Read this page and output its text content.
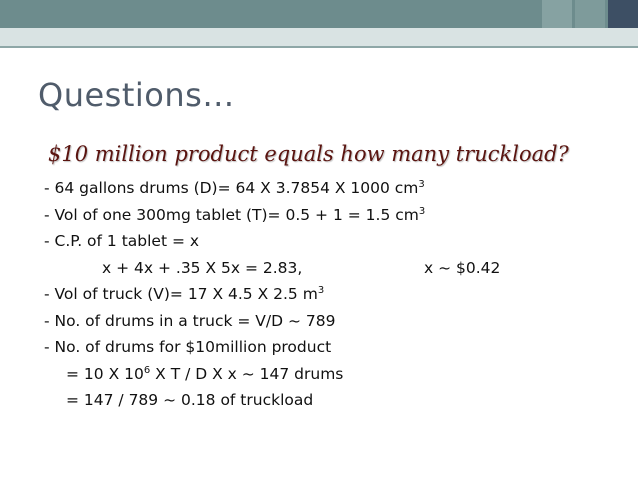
Questions…
$10 million product equals how many truckload?
- 64 gallons drums (D)= 64 X 3.7854 X 1000 $cm^3$
- Vol of one 300mg tablet (T)= 0.5 + 1 = 1.5 $cm^3$
- C.P. of 1 tablet = x
x + 4x + .35 X 5x = 2.83,	x ~ $0.42
- Vol of truck (V)= 17 X 4.5 X 2.5 $m^3$
- No. of drums in a truck = V/D ~ 789
- No. of drums for $10million product
= 10 X $10^6$ X T / D X x ~ 147 drums
= 147 / 789 ~ 0.18 of truckload
